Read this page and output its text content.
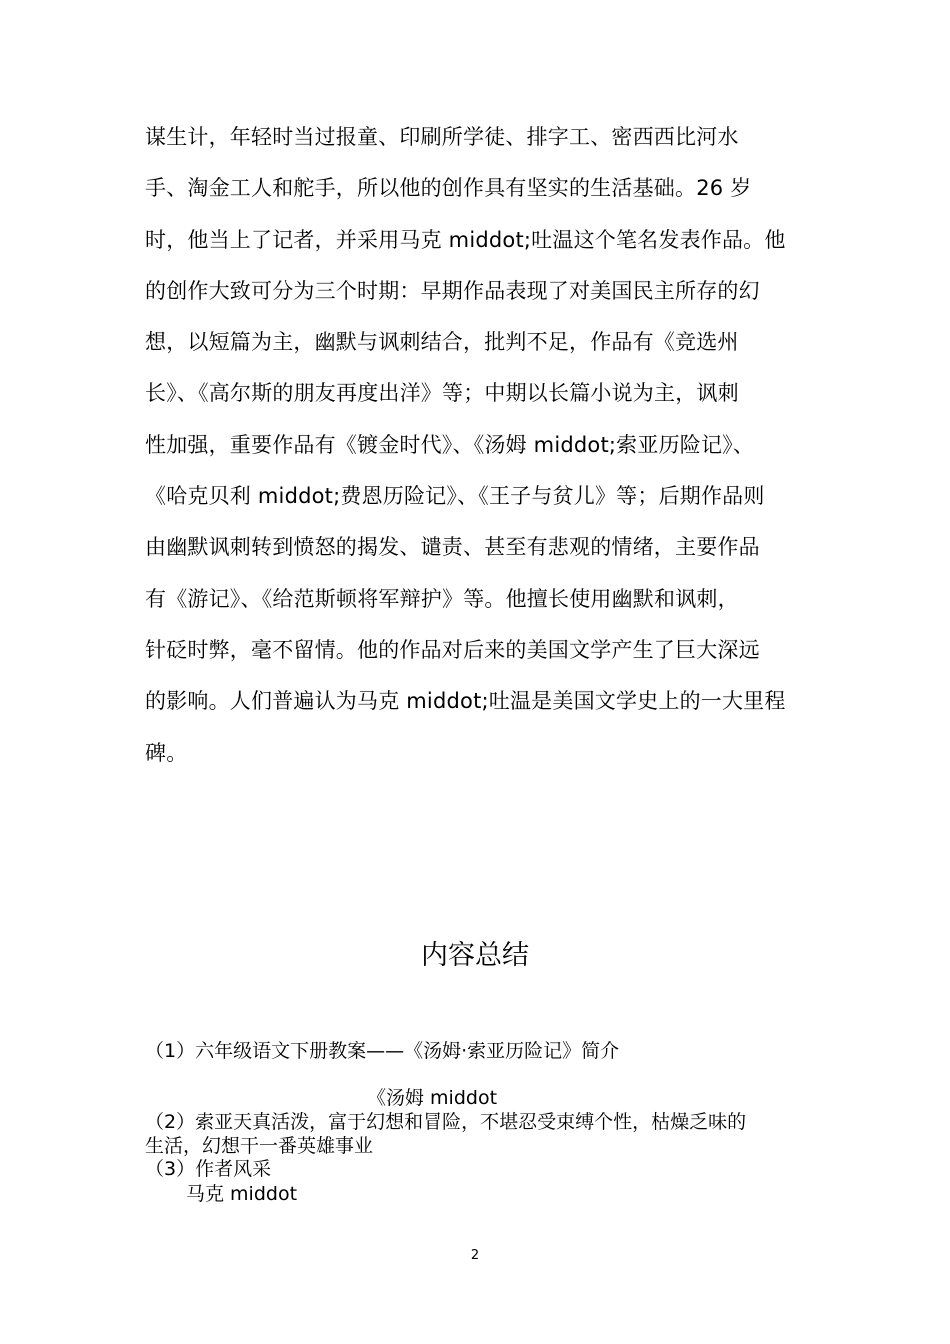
谋生计，年轻时当过报童、印刷所学徒、排字工、密西西比河水
手、淘金工人和舵手，所以他的创作具有坚实的生活基础。26 岁
时，他当上了记者，并采用马克 middot;吐温这个笔名发表作品。他
的创作大致可分为三个时期：早期作品表现了对美国民主所存的幻
想，以短篇为主，幽默与讽刺结合，批判不足，作品有《竞选州
长》、《高尔斯的朋友再度出洋》等；中期以长篇小说为主，讽刺
性加强，重要作品有《镀金时代》、《汤姆 middot;索亚历险记》、
《哈克贝利 middot;费恩历险记》、《王子与贫儿》等；后期作品则
由幽默讽刺转到愤怒的揭发、谴责、甚至有悲观的情绪，主要作品
有《游记》、《给范斯顿将军辩护》等。他擅长使用幽默和讽刺，
针砭时弊，毫不留情。他的作品对后来的美国文学产生了巨大深远
的影响。人们普遍认为马克 middot;吐温是美国文学史上的一大里程
碑。
内容总结

（1）六年级语文下册教案——《汤姆·索亚历险记》简介

《汤姆 middot

（2）索亚天真活泼，富于幻想和冒险，不堪忍受束缚个性，枯燥乏味的

生活，幻想干一番英雄事业

（3）作者风采

马克 middot

2
